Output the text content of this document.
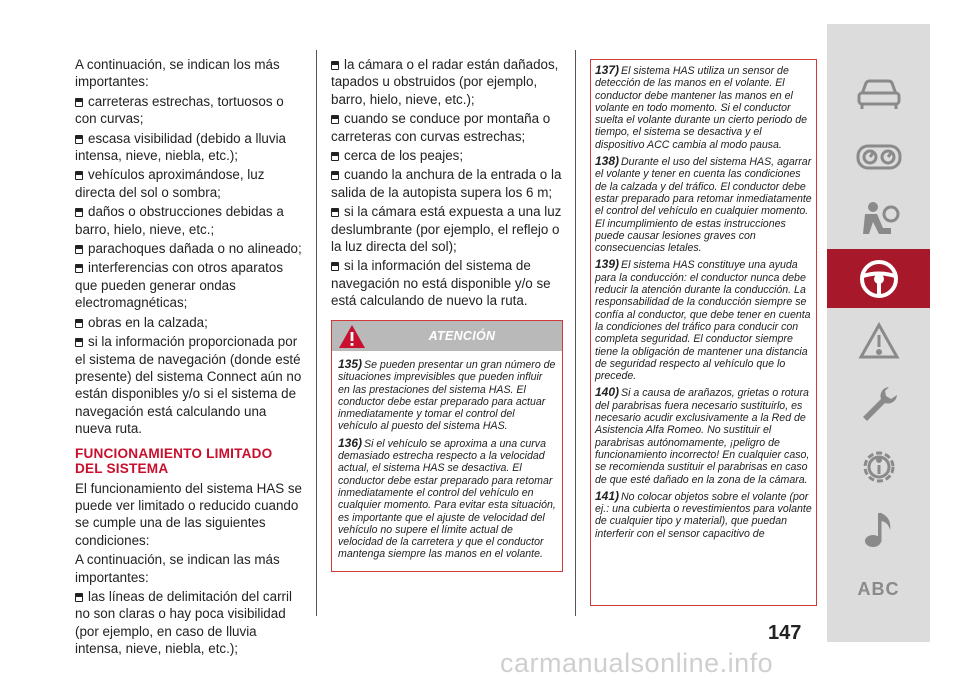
A continuación, se indican los más importantes:

carreteras estrechas, tortuosos o con curvas;

escasa visibilidad (debido a lluvia intensa, nieve, niebla, etc.);

vehículos aproximándose, luz directa del sol o sombra;

daños o obstrucciones debidas a barro, hielo, nieve, etc.;

parachoques dañada o no alineado;

interferencias con otros aparatos que pueden generar ondas electromagnéticas;

obras en la calzada;

si la información proporcionada por el sistema de navegación (donde esté presente) del sistema Connect aún no están disponibles y/o si el sistema de navegación está calculando una nueva ruta.

FUNCIONAMIENTO LIMITADO DEL SISTEMA

El funcionamiento del sistema HAS se puede ver limitado o reducido cuando se cumple una de las siguientes condiciones:

A continuación, se indican las más importantes:

las líneas de delimitación del carril no son claras o hay poca visibilidad (por ejemplo, en caso de lluvia intensa, nieve, niebla, etc.);

la cámara o el radar están dañados, tapados u obstruidos (por ejemplo, barro, hielo, nieve, etc.);

cuando se conduce por montaña o carreteras con curvas estrechas;

cerca de los peajes;

cuando la anchura de la entrada o la salida de la autopista supera los 6 m;

si la cámara está expuesta a una luz deslumbrante (por ejemplo, el reflejo o la luz directa del sol);

si la información del sistema de navegación no está disponible y/o se está calculando de nuevo la ruta.

ATENCIÓN

135) Se pueden presentar un gran número de situaciones imprevisibles que pueden influir en las prestaciones del sistema HAS. El conductor debe estar preparado para actuar inmediatamente y tomar el control del vehículo al puesto del sistema HAS.

136) Si el vehículo se aproxima a una curva demasiado estrecha respecto a la velocidad actual, el sistema HAS se desactiva. El conductor debe estar preparado para retomar inmediatamente el control del vehículo en cualquier momento. Para evitar esta situación, es importante que el ajuste de velocidad del vehículo no supere el límite actual de velocidad de la carretera y que el conductor mantenga siempre las manos en el volante.

137) El sistema HAS utiliza un sensor de detección de las manos en el volante. El conductor debe mantener las manos en el volante en todo momento. Si el conductor suelta el volante durante un cierto periodo de tiempo, el sistema se desactiva y el dispositivo ACC cambia al modo pausa.

138) Durante el uso del sistema HAS, agarrar el volante y tener en cuenta las condiciones de la calzada y del tráfico. El conductor debe estar preparado para retomar inmediatamente el control del vehículo en cualquier momento. El incumplimiento de estas instrucciones puede causar lesiones graves con consecuencias letales.

139) El sistema HAS constituye una ayuda para la conducción: el conductor nunca debe reducir la atención durante la conducción. La responsabilidad de la conducción siempre se confía al conductor, que debe tener en cuenta la condiciones del tráfico para conducir con completa seguridad. El conductor siempre tiene la obligación de mantener una distancia de seguridad respecto al vehículo que lo precede.

140) Si a causa de arañazos, grietas o rotura del parabrisas fuera necesario sustituirlo, es necesario acudir exclusivamente a la Red de Asistencia Alfa Romeo. No sustituir el parabrisas autónomamente, ¡peligro de funcionamiento incorrecto! En cualquier caso, se recomienda sustituir el parabrisas en caso de que esté dañado en la zona de la cámara.

141) No colocar objetos sobre el volante (por ej.: una cubierta o revestimientos para volante de cualquier tipo y material), que puedan interferir con el sensor capacitivo de

ABC
147
carmanualsonline.info
